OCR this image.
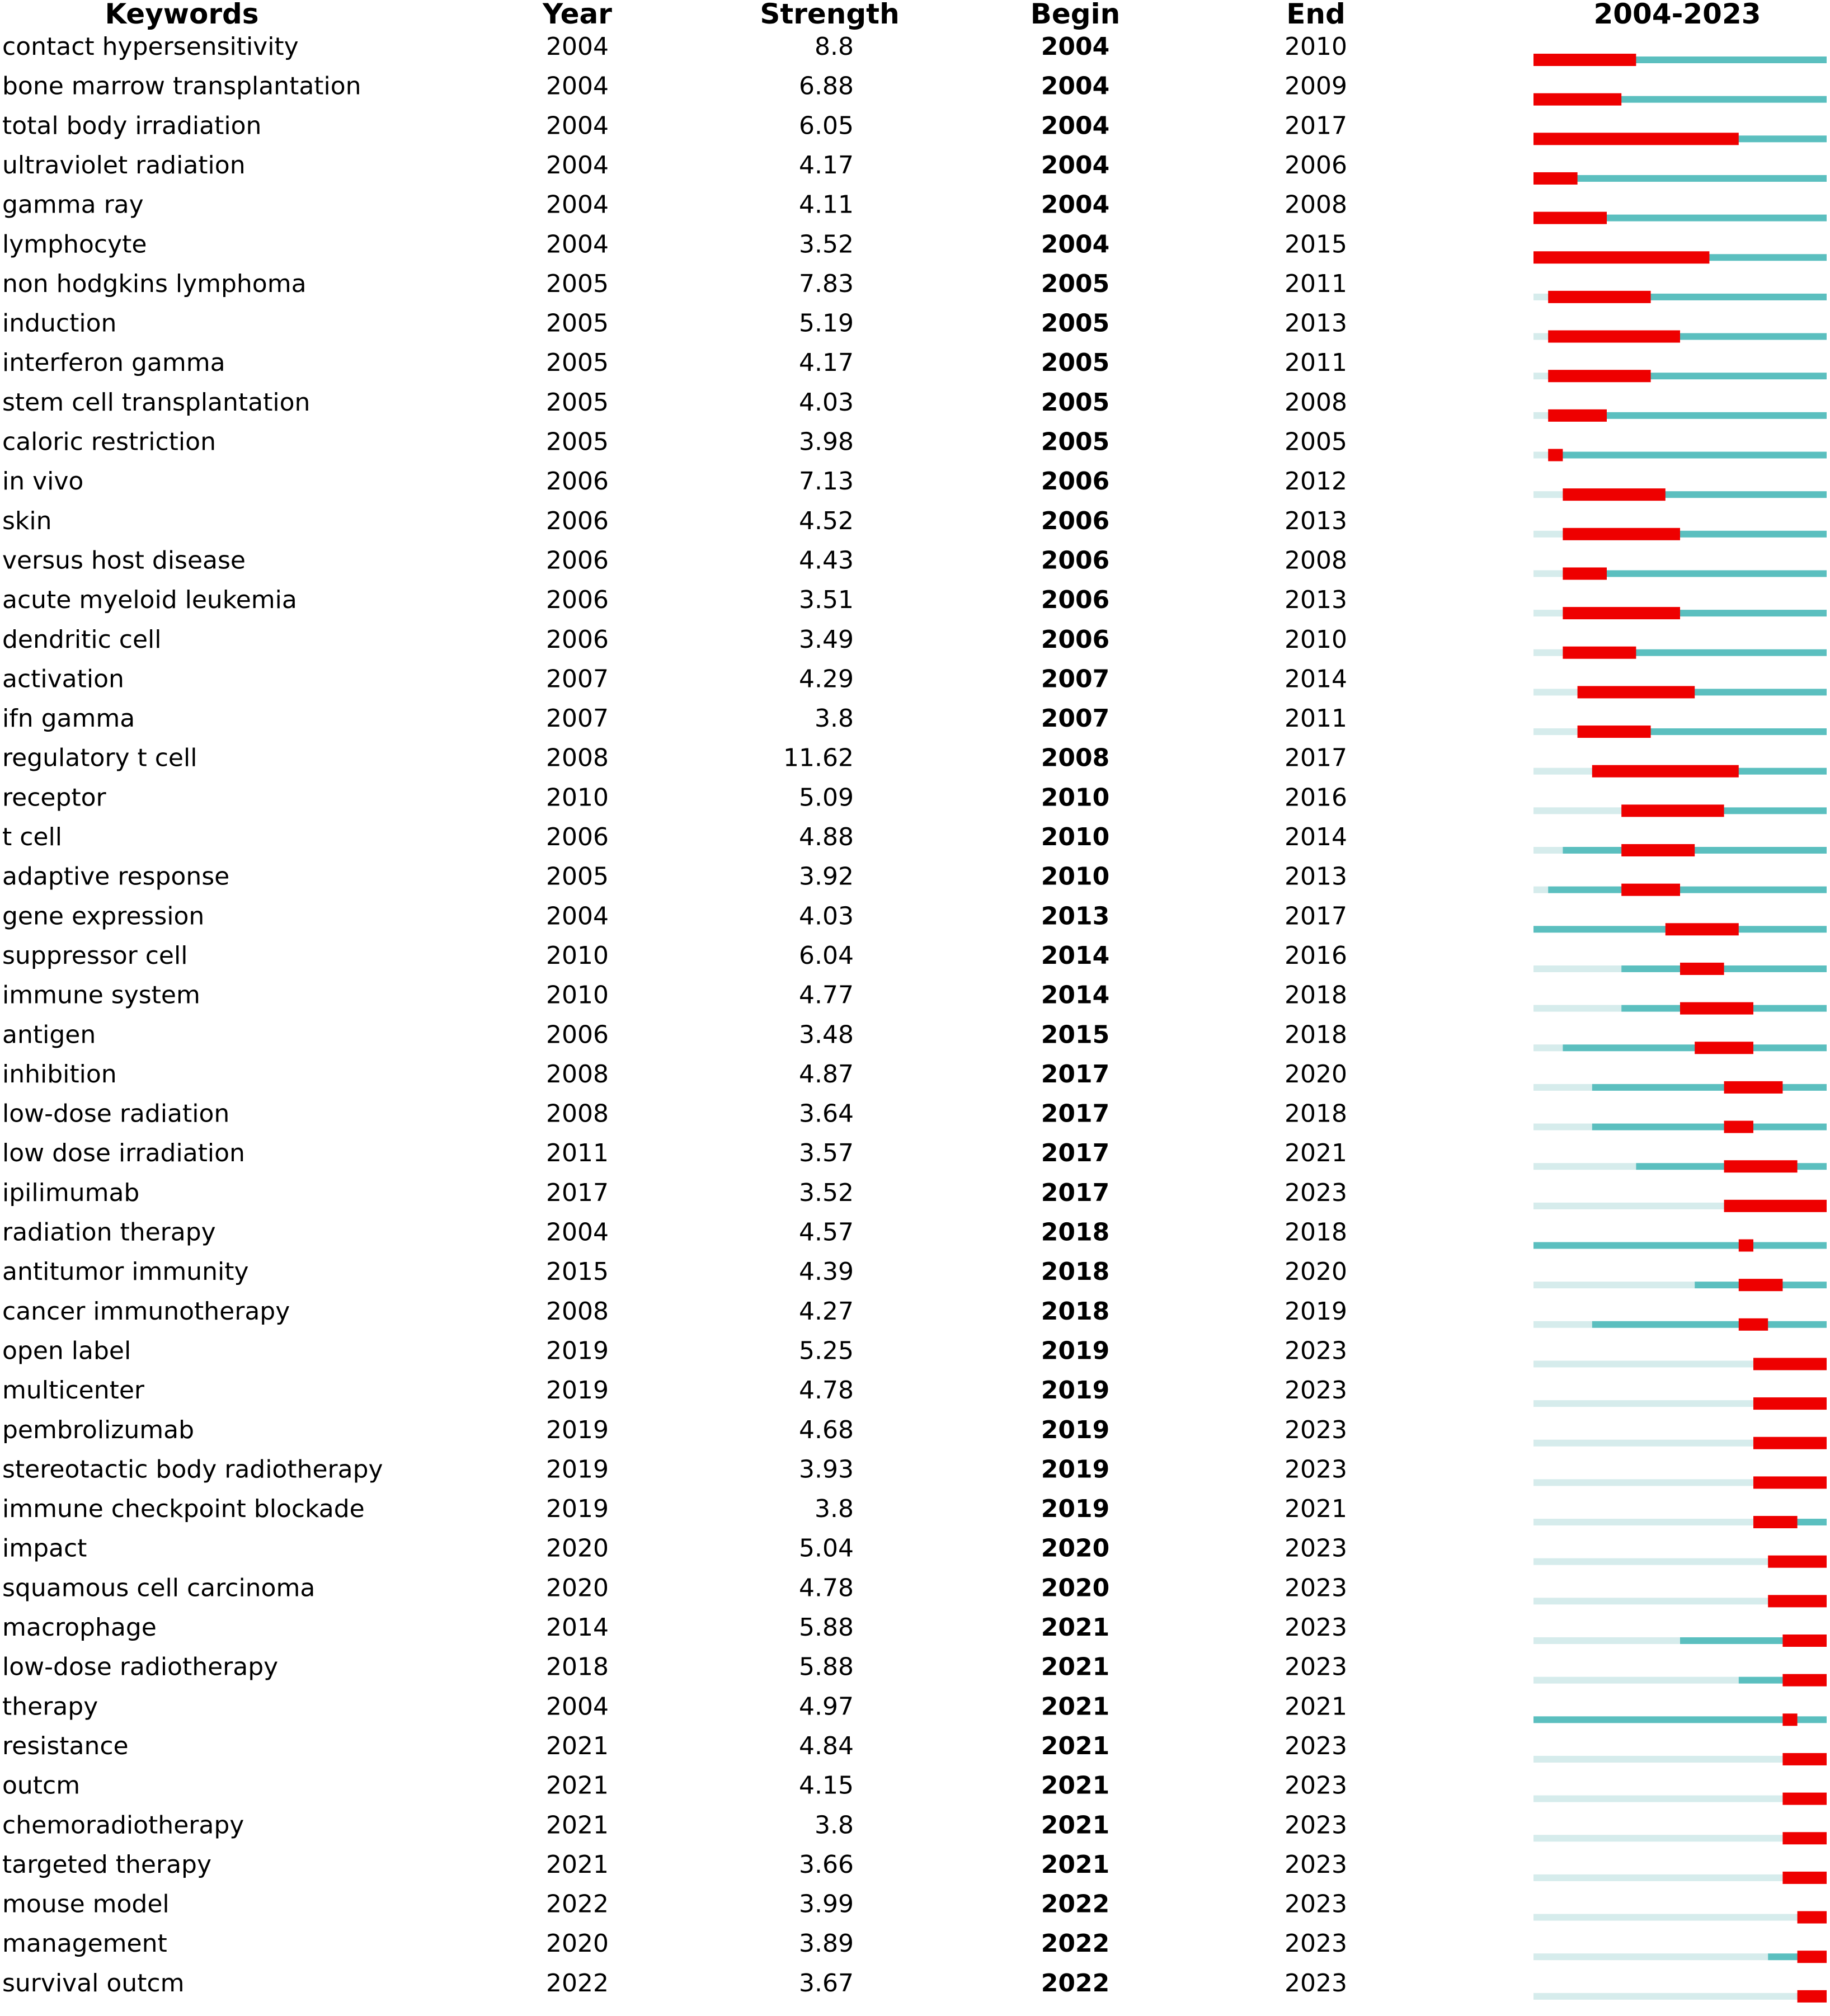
Keywords	Year	Strength	Begin	End	2004-2023
contact hypersensitivity	2004	8.8	2004	2010
bone marrow transplantation	2004	6.88	2004	2009
total body irradiation	2004	6.05	2004	2017
ultraviolet radiation	2004	4.17	2004	2006
gamma ray	2004	4.11	2004	2008
lymphocyte	2004	3.52	2004	2015
non hodgkins lymphoma	2005	7.83	2005	2011
induction	2005	5.19	2005	2013
interferon gamma	2005	4.17	2005	2011
stem cell transplantation	2005	4.03	2005	2008
caloric restriction	2005	3.98	2005	2005
in vivo	2006	7.13	2006	2012
skin	2006	4.52	2006	2013
versus host disease	2006	4.43	2006	2008
acute myeloid leukemia	2006	3.51	2006	2013
dendritic cell	2006	3.49	2006	2010
activation	2007	4.29	2007	2014
ifn gamma	2007	3.8	2007	2011
regulatory t cell	2008	11.62	2008	2017
receptor	2010	5.09	2010	2016
t cell	2006	4.88	2010	2014
adaptive response	2005	3.92	2010	2013
gene expression	2004	4.03	2013	2017
suppressor cell	2010	6.04	2014	2016
immune system	2010	4.77	2014	2018
antigen	2006	3.48	2015	2018
inhibition	2008	4.87	2017	2020
low-dose radiation	2008	3.64	2017	2018
low dose irradiation	2011	3.57	2017	2021
ipilimumab	2017	3.52	2017	2023
radiation therapy	2004	4.57	2018	2018
antitumor immunity	2015	4.39	2018	2020
cancer immunotherapy	2008	4.27	2018	2019
open label	2019	5.25	2019	2023
multicenter	2019	4.78	2019	2023
pembrolizumab	2019	4.68	2019	2023
stereotactic body radiotherapy	2019	3.93	2019	2023
immune checkpoint blockade	2019	3.8	2019	2021
impact	2020	5.04	2020	2023
squamous cell carcinoma	2020	4.78	2020	2023
macrophage	2014	5.88	2021	2023
low-dose radiotherapy	2018	5.88	2021	2023
therapy	2004	4.97	2021	2021
resistance	2021	4.84	2021	2023
outcm	2021	4.15	2021	2023
chemoradiotherapy	2021	3.8	2021	2023
targeted therapy	2021	3.66	2021	2023
mouse model	2022	3.99	2022	2023
management	2020	3.89	2022	2023
survival outcm	2022	3.67	2022	2023
